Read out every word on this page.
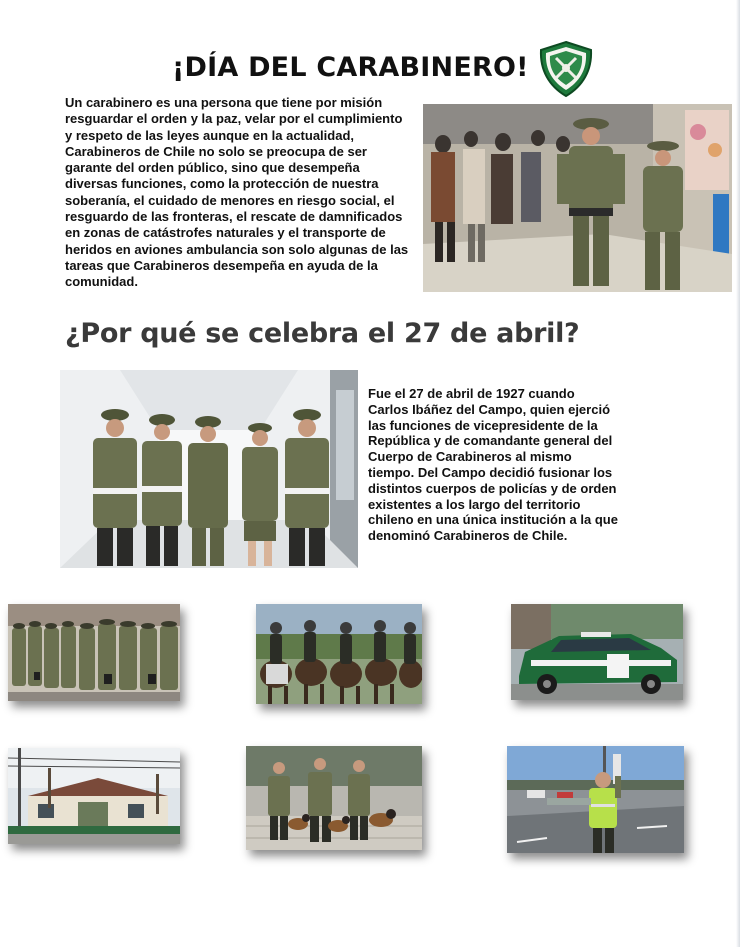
¡DÍA DEL CARABINERO!

Un carabinero es una persona que tiene por misión resguardar el orden y la paz, velar por el cumplimiento y respeto de las leyes aunque en la actualidad, Carabineros de Chile no solo se preocupa de ser garante del orden público, sino que desempeña diversas funciones, como la protección de nuestra soberanía, el cuidado de menores en riesgo social, el resguardo de las fronteras, el rescate de damnificados en zonas de catástrofes naturales y el transporte de heridos en aviones ambulancia son solo algunas de las tareas que Carabineros desempeña en ayuda de la comunidad.

¿Por qué se celebra el 27 de abril?

Fue el 27 de abril de 1927 cuando Carlos Ibáñez del Campo, quien ejerció las funciones de vicepresidente de la República y de comandante general del Cuerpo de Carabineros al mismo tiempo. Del Campo decidió fusionar los distintos cuerpos de policías y de orden existentes a los largo del territorio chileno en una única institución a la que denominó Carabineros de Chile.
